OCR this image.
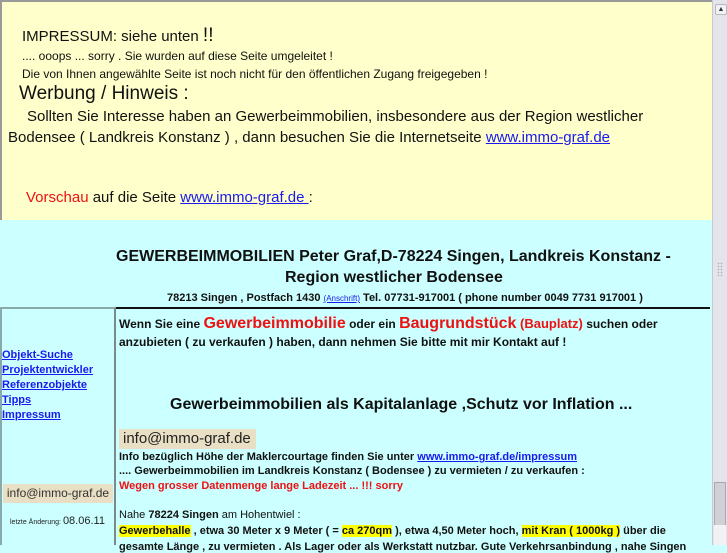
IMPRESSUM: siehe unten !!
.... ooops ... sorry . Sie wurden auf diese Seite umgeleitet !
Die von Ihnen angewählte Seite ist noch nicht für den öffentlichen Zugang freigegeben !
Werbung / Hinweis :
Sollten Sie Interesse haben an Gewerbeimmobilien, insbesondere aus der Region westlicher
Bodensee ( Landkreis Konstanz ) , dann besuchen Sie die Internetseite www.immo-graf.de
Vorschau auf die Seite www.immo-graf.de :
▲
GEWERBEIMMOBILIEN Peter Graf,D-78224 Singen, Landkreis Konstanz -
Region westlicher Bodensee
78213 Singen , Postfach 1430 (Anschrift) Tel. 07731-917001 ( phone number 0049 7731 917001 )
Objekt-Suche
Projektentwickler
Referenzobjekte
Tipps
Impressum
info@immo-graf.de
letzte Änderung: 08.06.11
Wenn Sie eine Gewerbeimmobilie oder ein Baugrundstück (Bauplatz) suchen oder
anzubieten ( zu verkaufen ) haben, dann nehmen Sie bitte mit mir Kontakt auf !
Gewerbeimmobilien als Kapitalanlage ,Schutz vor Inflation ...
info@immo-graf.de
Info bezüglich Höhe der Maklercourtage finden Sie unter www.immo-graf.de/impressum
.... Gewerbeimmobilien im Landkreis Konstanz ( Bodensee ) zu vermieten / zu verkaufen :
Wegen grosser Datenmenge lange Ladezeit ... !!! sorry
Nahe 78224 Singen am Hohentwiel :
Gewerbehalle , etwa 30 Meter x 9 Meter ( = ca 270qm ), etwa 4,50 Meter hoch, mit Kran ( 1000kg ) über die
gesamte Länge , zu vermieten . Als Lager oder als Werkstatt nutzbar. Gute Verkehrsanbindung , nahe Singen
